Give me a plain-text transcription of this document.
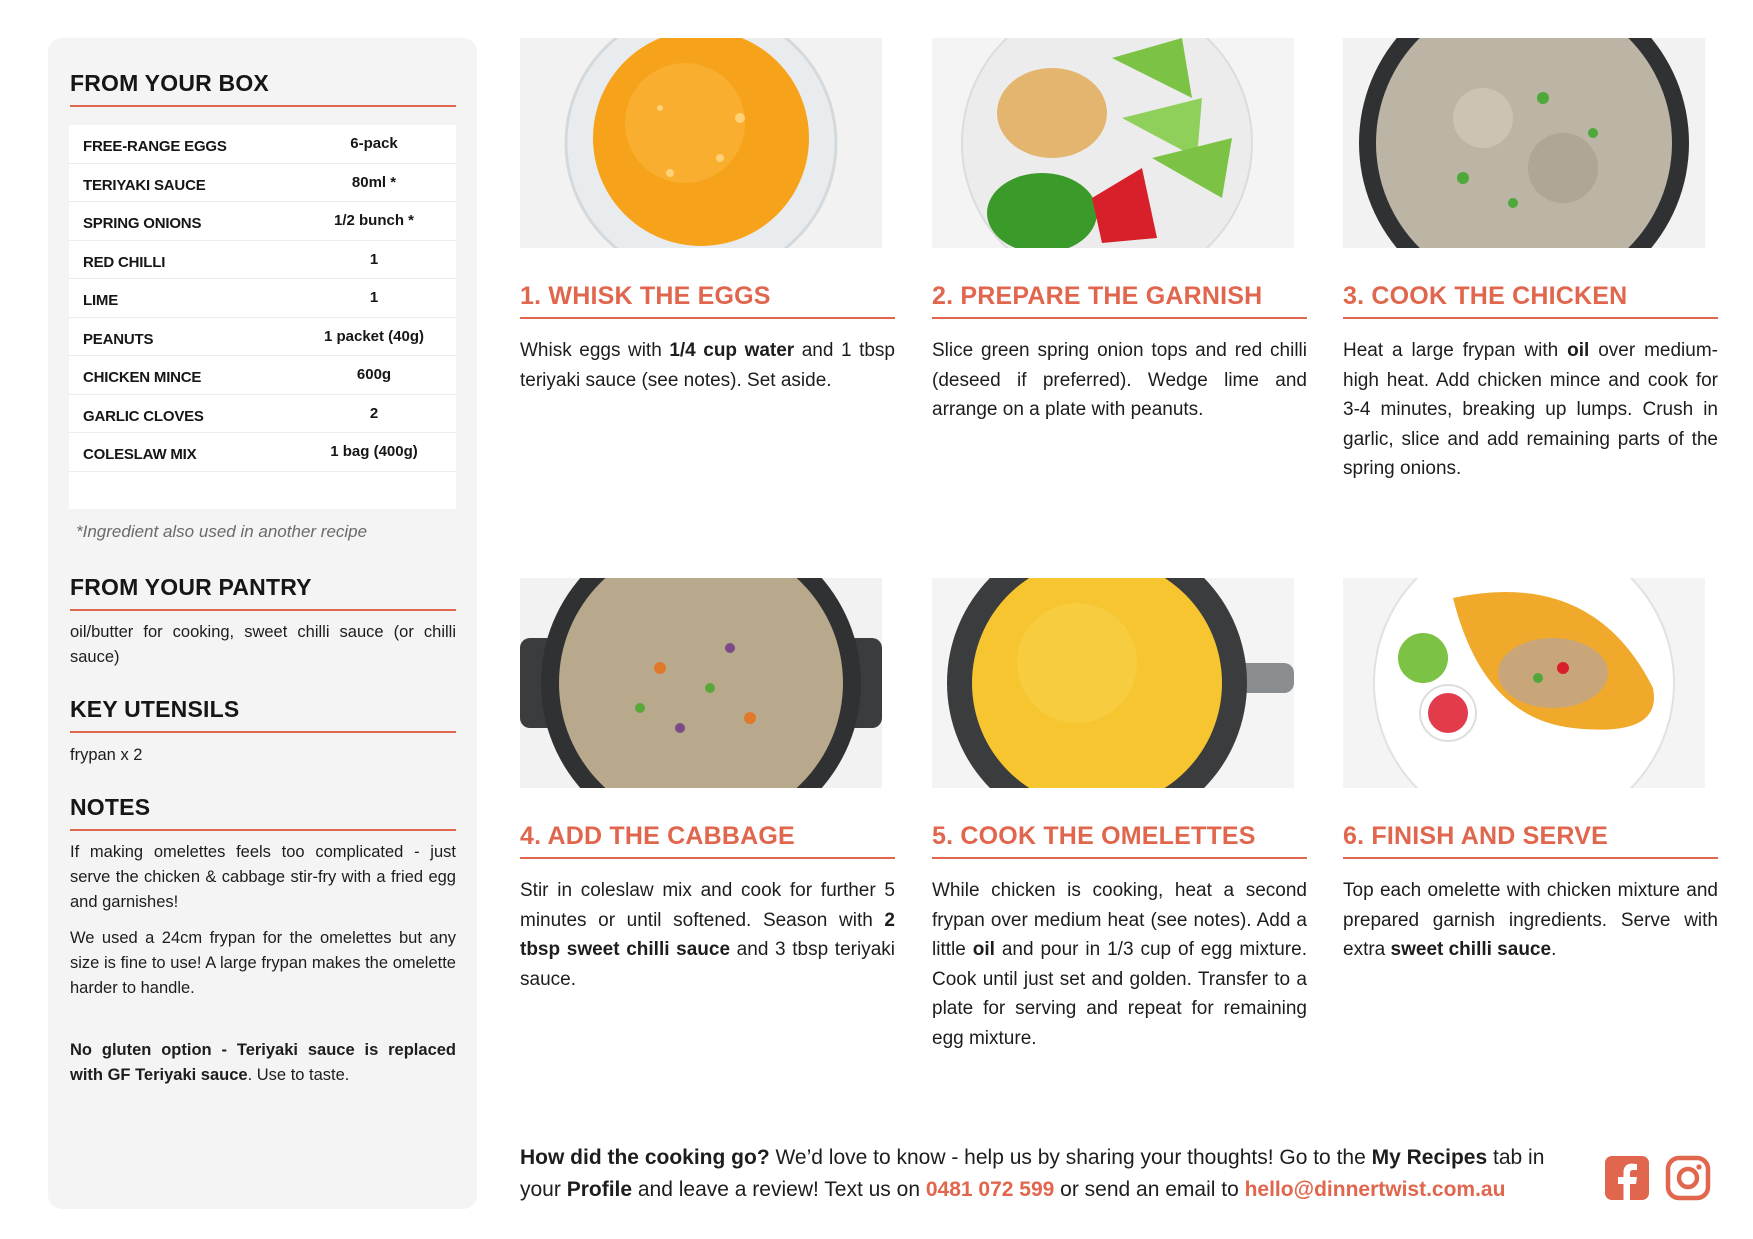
FROM YOUR BOX
FREE-RANGE EGGS	6-pack
TERIYAKI SAUCE	80ml *
SPRING ONIONS	1/2 bunch *
RED CHILLI	1
LIME	1
PEANUTS	1 packet (40g)
CHICKEN MINCE	600g
GARLIC CLOVES	2
COLESLAW MIX	1 bag (400g)
*Ingredient also used in another recipe
FROM YOUR PANTRY
oil/butter for cooking, sweet chilli sauce (or chilli sauce)
KEY UTENSILS
frypan x 2
NOTES
If making omelettes feels too complicated - just serve the chicken & cabbage stir-fry with a fried egg and garnishes!
We used a 24cm frypan for the omelettes but any size is fine to use! A large frypan makes the omelette harder to handle.
No gluten option - Teriyaki sauce is replaced with GF Teriyaki sauce. Use to taste.
1. WHISK THE EGGS
Whisk eggs with 1/4 cup water and 1 tbsp teriyaki sauce (see notes). Set aside.
2. PREPARE THE GARNISH
Slice green spring onion tops and red chilli (deseed if preferred). Wedge lime and arrange on a plate with peanuts.
3. COOK THE CHICKEN
Heat a large frypan with oil over medium-high heat. Add chicken mince and cook for 3-4 minutes, breaking up lumps. Crush in garlic, slice and add remaining parts of the spring onions.
4. ADD THE CABBAGE
Stir in coleslaw mix and cook for further 5 minutes or until softened. Season with 2 tbsp sweet chilli sauce and 3 tbsp teriyaki sauce.
5. COOK THE OMELETTES
While chicken is cooking, heat a second frypan over medium heat (see notes). Add a little oil and pour in 1/3 cup of egg mixture. Cook until just set and golden. Transfer to a plate for serving and repeat for remaining egg mixture.
6. FINISH AND SERVE
Top each omelette with chicken mixture and prepared garnish ingredients. Serve with extra sweet chilli sauce.
How did the cooking go? We’d love to know - help us by sharing your thoughts! Go to the My Recipes tab in your Profile and leave a review! Text us on 0481 072 599 or send an email to hello@dinnertwist.com.au
